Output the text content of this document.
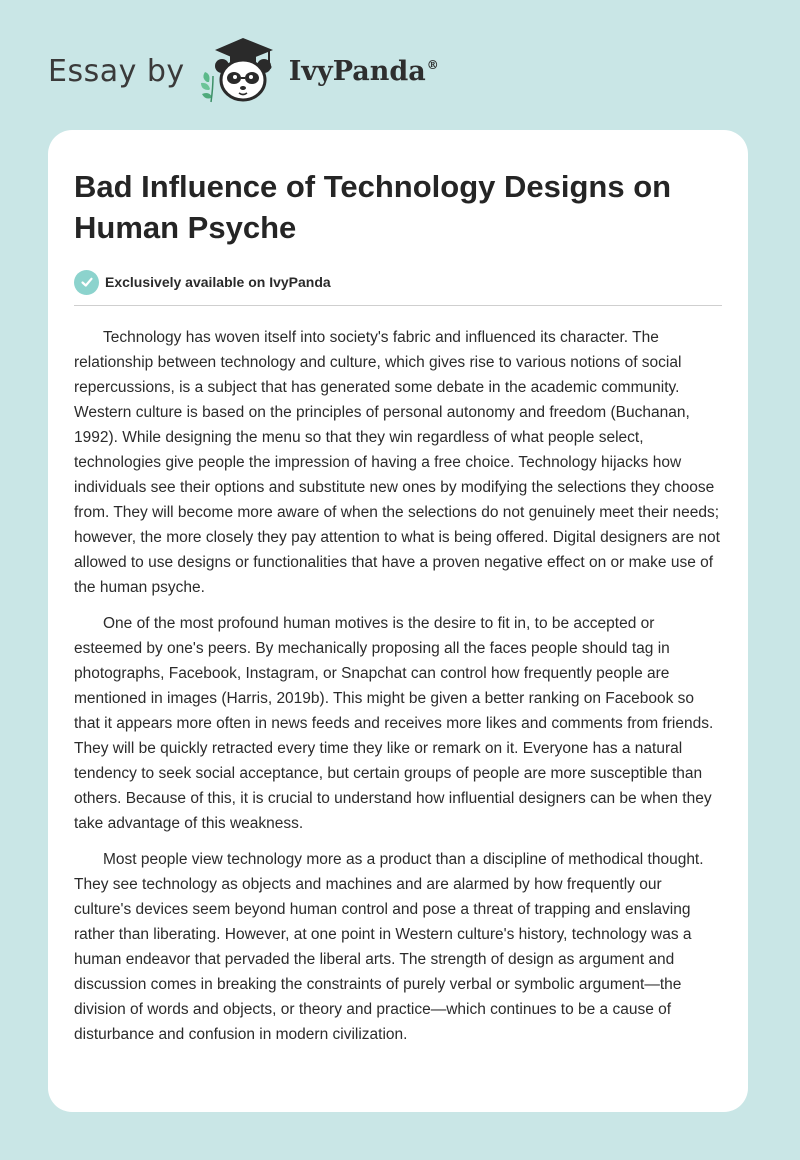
Essay by	IvyPanda®
Bad Influence of Technology Designs on Human Psyche
Exclusively available on IvyPanda

Technology has woven itself into society's fabric and influenced its character. The relationship between technology and culture, which gives rise to various notions of social repercussions, is a subject that has generated some debate in the academic community. Western culture is based on the principles of personal autonomy and freedom (Buchanan, 1992). While designing the menu so that they win regardless of what people select, technologies give people the impression of having a free choice. Technology hijacks how individuals see their options and substitute new ones by modifying the selections they choose from. They will become more aware of when the selections do not genuinely meet their needs; however, the more closely they pay attention to what is being offered. Digital designers are not allowed to use designs or functionalities that have a proven negative effect on or make use of the human psyche.

One of the most profound human motives is the desire to fit in, to be accepted or esteemed by one's peers. By mechanically proposing all the faces people should tag in photographs, Facebook, Instagram, or Snapchat can control how frequently people are mentioned in images (Harris, 2019b). This might be given a better ranking on Facebook so that it appears more often in news feeds and receives more likes and comments from friends. They will be quickly retracted every time they like or remark on it. Everyone has a natural tendency to seek social acceptance, but certain groups of people are more susceptible than others. Because of this, it is crucial to understand how influential designers can be when they take advantage of this weakness.

Most people view technology more as a product than a discipline of methodical thought. They see technology as objects and machines and are alarmed by how frequently our culture's devices seem beyond human control and pose a threat of trapping and enslaving rather than liberating. However, at one point in Western culture's history, technology was a human endeavor that pervaded the liberal arts. The strength of design as argument and discussion comes in breaking the constraints of purely verbal or symbolic argument—the division of words and objects, or theory and practice—which continues to be a cause of disturbance and confusion in modern civilization.
